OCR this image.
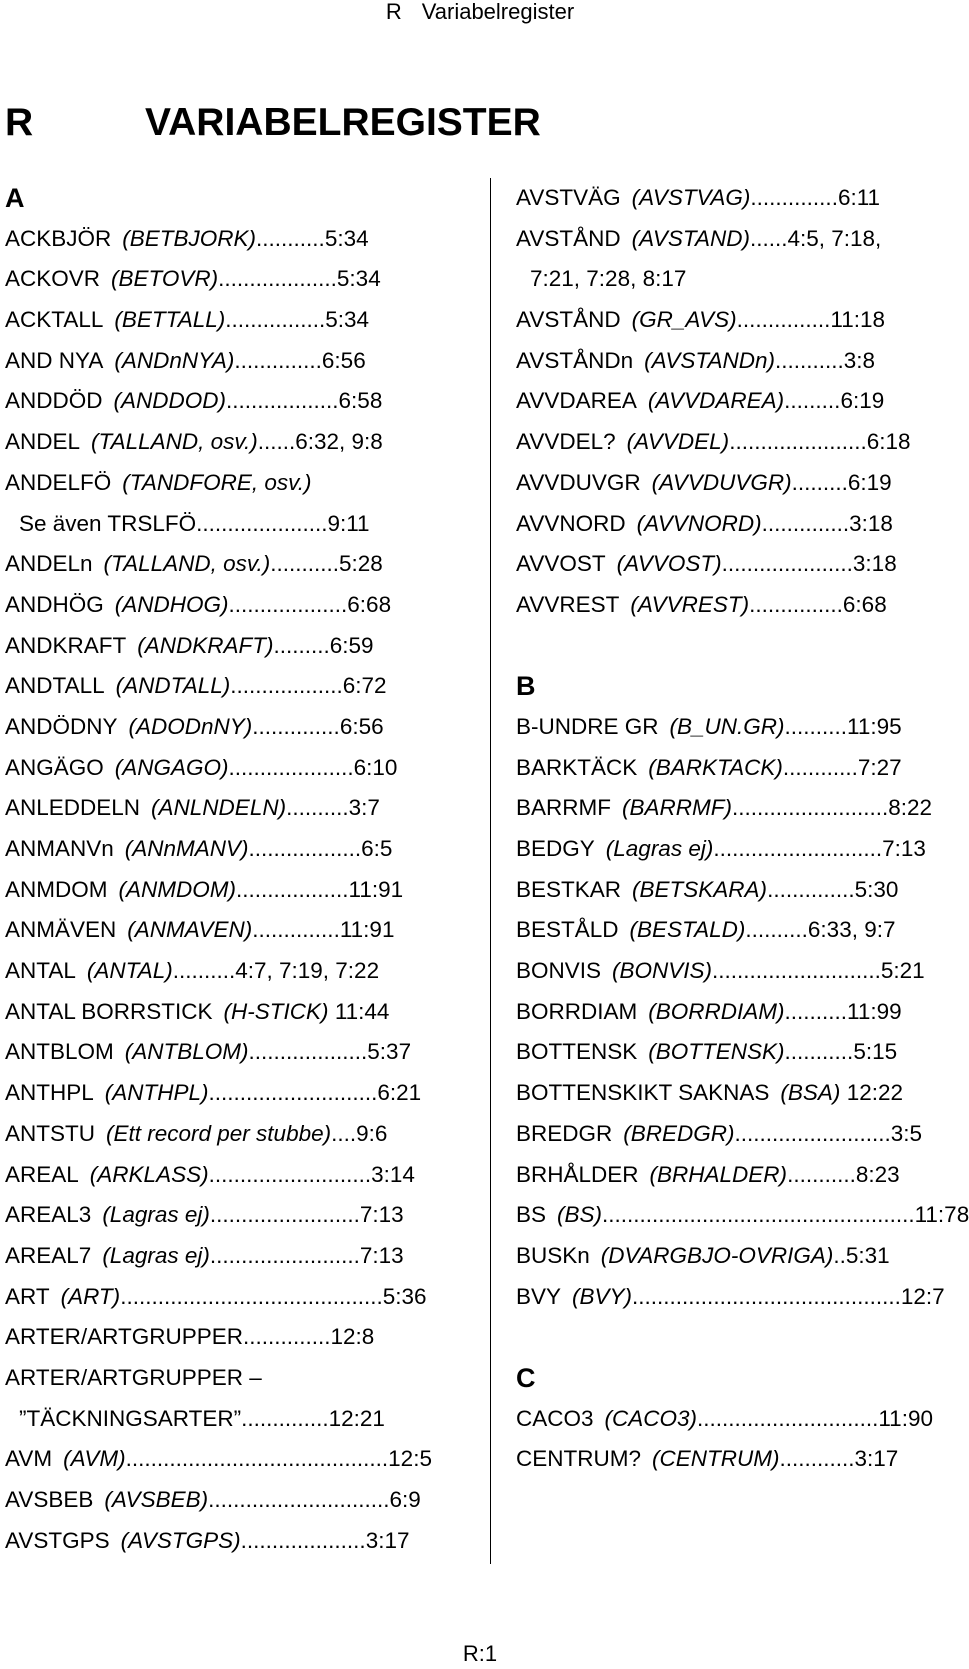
R Variabelregister
R	VARIABELREGISTER
A
ACKBJÖR (BETBJORK)...........5:34
ACKOVR (BETOVR)...................5:34
ACKTALL (BETTALL)................5:34
AND NYA (ANDnNYA)..............6:56
ANDDÖD (ANDDOD)..................6:58
ANDEL (TALLAND, osv.)......6:32, 9:8
ANDELFÖ (TANDFORE, osv.)
Se även TRSLFÖ.....................9:11
ANDELn (TALLAND, osv.)...........5:28
ANDHÖG (ANDHOG)...................6:68
ANDKRAFT (ANDKRAFT).........6:59
ANDTALL (ANDTALL)..................6:72
ANDÖDNY (ADODnNY)..............6:56
ANGÄGO (ANGAGO)....................6:10
ANLEDDELN (ANLNDELN)..........3:7
ANMANVn (ANnMANV)..................6:5
ANMDOM (ANMDOM)..................11:91
ANMÄVEN (ANMAVEN)..............11:91
ANTAL (ANTAL)..........4:7, 7:19, 7:22
ANTAL BORRSTICK (H-STICK) 11:44
ANTBLOM (ANTBLOM)...................5:37
ANTHPL (ANTHPL)...........................6:21
ANTSTU (Ett record per stubbe)....9:6
AREAL (ARKLASS)..........................3:14
AREAL3 (Lagras ej)........................7:13
AREAL7 (Lagras ej)........................7:13
ART (ART)..........................................5:36
ARTER/ARTGRUPPER..............12:8
ARTER/ARTGRUPPER –
”TÄCKNINGSARTER”..............12:21
AVM (AVM)..........................................12:5
AVSBEB (AVSBEB).............................6:9
AVSTGPS (AVSTGPS)....................3:17
AVSTVÄG (AVSTVAG)..............6:11
AVSTÅND (AVSTAND)......4:5, 7:18,
7:21, 7:28, 8:17
AVSTÅND (GR_AVS)...............11:18
AVSTÅNDn (AVSTANDn)...........3:8
AVVDAREA (AVVDAREA).........6:19
AVVDEL? (AVVDEL)......................6:18
AVVDUVGR (AVVDUVGR).........6:19
AVVNORD (AVVNORD)..............3:18
AVVOST (AVVOST).....................3:18
AVVREST (AVVREST)...............6:68
B
B-UNDRE GR (B_UN.GR)..........11:95
BARKTÄCK (BARKTACK)............7:27
BARRMF (BARRMF).........................8:22
BEDGY (Lagras ej)...........................7:13
BESTKAR (BETSKARA)..............5:30
BESTÅLD (BESTALD)..........6:33, 9:7
BONVIS (BONVIS)...........................5:21
BORRDIAM (BORRDIAM)..........11:99
BOTTENSK (BOTTENSK)...........5:15
BOTTENSKIKT SAKNAS (BSA) 12:22
BREDGR (BREDGR).........................3:5
BRHÅLDER (BRHALDER)...........8:23
BS (BS)..................................................11:78
BUSKn (DVARGBJO-OVRIGA)..5:31
BVY (BVY)...........................................12:7
C
CACO3 (CACO3).............................11:90
CENTRUM? (CENTRUM)............3:17
R:1
